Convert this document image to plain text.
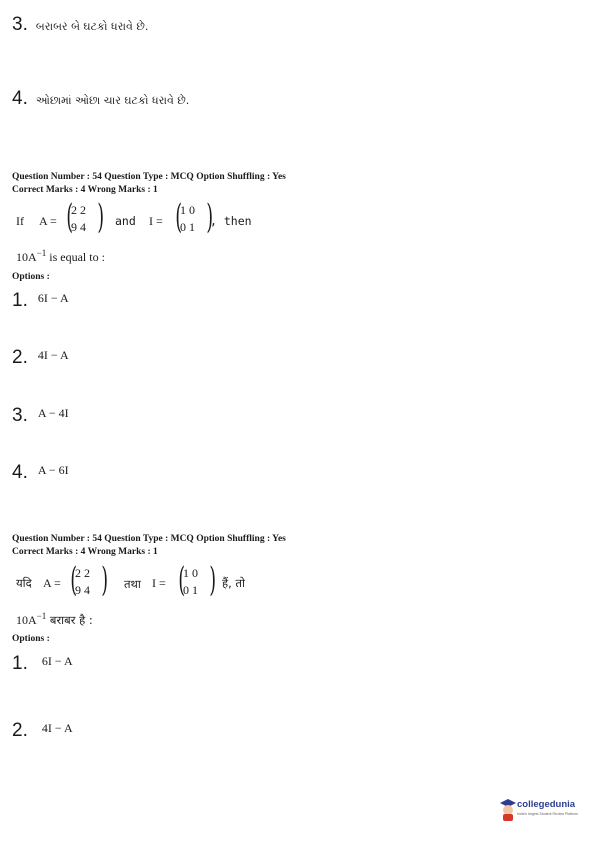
3. બરાબર બે ઘટકો ધરાવે છે.
4. ઓછામાં ઓછા ચાર ઘટકો ધરાવે છે.
Question Number : 54 Question Type : MCQ Option Shuffling : Yes
Correct Marks : 4 Wrong Marks : 1
If A = (
2 2
9 4 ) and I = (
1 0
0 1 )
, then
$10A^{-1}$ is equal to :
Options :
1. $^{6I - A}$
2. $^{4I - A}$
3. $^{A - 4I}$
4. $^{A - 6I}$
Question Number : 54 Question Type : MCQ Option Shuffling : Yes
Correct Marks : 4 Wrong Marks : 1
यदि A = (
2 2
9 4 ) तथा I = (
1 0
0 1 ) हैं, तो
$10A^{-1}$ बराबर है :
Options :
1. $^{6I - A}$
2. $^{4I - A}$
collegedunia
India's largest Student Review Platform
